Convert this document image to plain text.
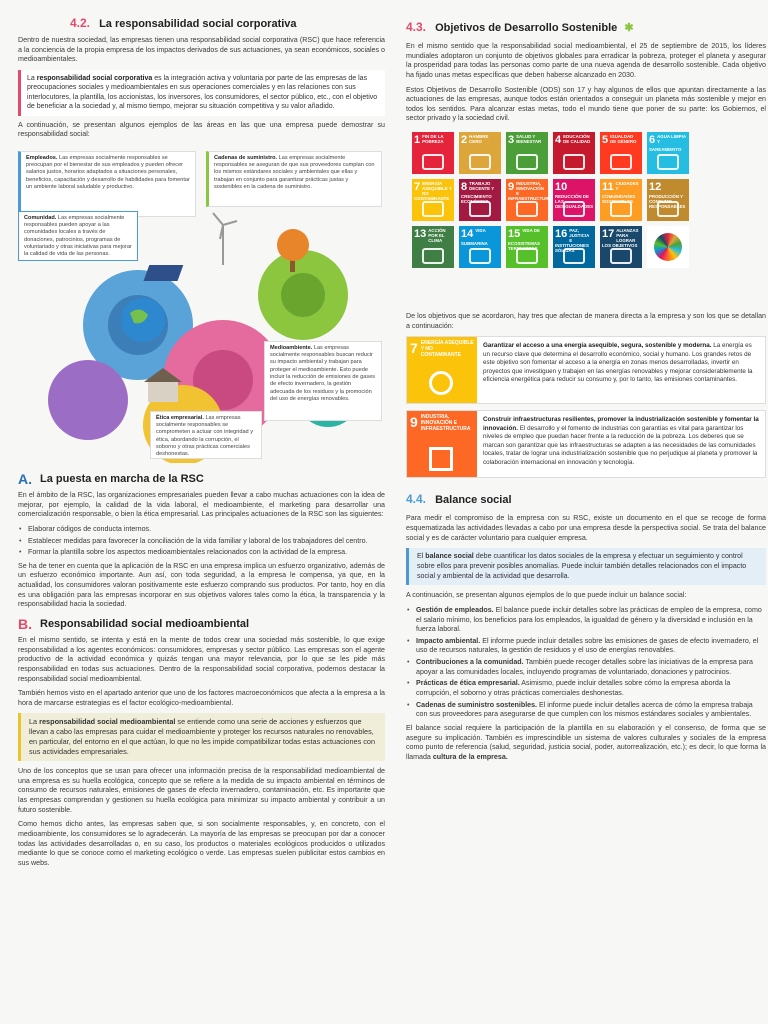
4.2. La responsabilidad social corporativa

Dentro de nuestra sociedad, las empresas tienen una responsabilidad social corporativa (RSC) que hace referencia a la conciencia de la propia empresa de los impactos derivados de sus actuaciones, ya sean económicos, sociales o medioambientales.

La responsabilidad social corporativa es la integración activa y voluntaria por parte de las empresas de las preocupaciones sociales y medioambientales en sus operaciones comerciales y en las relaciones con sus interlocutores, la plantilla, los accionistas, los inversores, los consumidores, el sector público, etc., con el objetivo de beneficiar a la sociedad y, al mismo tiempo, mejorar su situación competitiva y su valor añadido.

A continuación, se presentan algunos ejemplos de las áreas en las que una empresa puede demostrar su responsabilidad social:

Empleados. Las empresas socialmente responsables se preocupan por el bienestar de sus empleados y pueden ofrecer salarios justos, horarios adaptados a situaciones personales, beneficios, capacitación y desarrollo de habilidades para fomentar un ambiente laboral saludable y productivo.
Cadenas de suministro. Las empresas socialmente responsables se aseguran de que sus proveedores cumplan con los mismos estándares sociales y ambientales que ellas y trabajan en conjunto para garantizar prácticas justas y sostenibles en la cadena de suministro.
Comunidad. Las empresas socialmente responsables pueden apoyar a las comunidades locales a través de donaciones, patrocinios, programas de voluntariado y otras iniciativas para mejorar la calidad de vida de las personas.
Medioambiente. Las empresas socialmente responsables buscan reducir su impacto ambiental y trabajan para proteger el medioambiente. Esto puede incluir la reducción de emisiones de gases de efecto invernadero, la gestión adecuada de los residuos y la promoción del uso de energías renovables.
Ética empresarial. Las empresas socialmente responsables se comprometen a actuar con integridad y ética, abordando la corrupción, el soborno y otras prácticas comerciales deshonestas.
A. La puesta en marcha de la RSC

En el ámbito de la RSC, las organizaciones empresariales pueden llevar a cabo muchas actuaciones con la idea de mejorar, por ejemplo, la calidad de la vida laboral, el medioambiente, el marketing para desarrollar una comercialización responsable, o bien la ética empresarial. Las principales actuaciones de la RSC son las siguientes:

• Elaborar códigos de conducta internos.
• Establecer medidas para favorecer la conciliación de la vida familiar y laboral de los trabajadores del centro.
• Formar la plantilla sobre los aspectos medioambientales relacionados con la actividad de la empresa.

Se ha de tener en cuenta que la aplicación de la RSC en una empresa implica un esfuerzo organizativo, además de un esfuerzo económico importante. Aun así, con toda seguridad, a la empresa le compensa, ya que, en la actualidad, los consumidores valoran positivamente este esfuerzo comprando sus productos. Por tanto, hoy en día es una obligación para las empresas incorporar en sus objetivos valores tales como la ética, la transparencia y la responsabilidad hacia la sociedad.

B. Responsabilidad social medioambiental

En el mismo sentido, se intenta y está en la mente de todos crear una sociedad más sostenible, lo que exige responsabilidad a los agentes económicos: consumidores, empresas y sector público. Las empresas son el agente productivo de la actividad económica y quizás tengan una mayor relevancia, por lo que se les pide más responsabilidad en todas sus actuaciones. Dentro de la responsabilidad social corporativa, podemos destacar la responsabilidad social medioambiental.

También hemos visto en el apartado anterior que uno de los factores macroeconómicos que afecta a la empresa a la hora de marcarse estrategias es el factor ecológico-medioambiental.

La responsabilidad social medioambiental se entiende como una serie de acciones y esfuerzos que llevan a cabo las empresas para cuidar el medioambiente y proteger los recursos naturales no renovables, en particular, del entorno en el que actúan, lo que no les impide compatibilizar todas estas actuaciones con sus actividades empresariales.

Uno de los conceptos que se usan para ofrecer una información precisa de la responsabilidad medioambiental de una empresa es su huella ecológica, concepto que se refiere a la medida de su impacto ambiental en términos de consumo de recursos naturales, emisiones de gases de efecto invernadero, contaminación, etc. Es importante que las empresas comprendan y gestionen su huella ecológica para minimizar su impacto ambiental y contribuir a un futuro sostenible.

Como hemos dicho antes, las empresas saben que, si son socialmente responsables, y, en concreto, con el medioambiente, los consumidores se lo agradecerán. La mayoría de las empresas se preocupan por dar a conocer todas las actividades desarrolladas o, en su caso, los productos o materiales ecológicos producidos o utilizados mediante lo que se conoce como el marketing ecológico o verde. Las empresas suelen publicitar estos cambios en sus webs.

4.3. Objetivos de Desarrollo Sostenible ✱

En el mismo sentido que la responsabilidad social medioambiental, el 25 de septiembre de 2015, los líderes mundiales adoptaron un conjunto de objetivos globales para erradicar la pobreza, proteger el planeta y asegurar la prosperidad para todas las personas como parte de una nueva agenda de desarrollo sostenible. Cada objetivo ha fijado unas metas específicas que deben haberse alcanzado en 2030.

Estos Objetivos de Desarrollo Sostenible (ODS) son 17 y hay algunos de ellos que apuntan directamente a las actuaciones de las empresas, aunque todos están orientados a conseguir un planeta más sostenible y mejor en todos los sentidos. Para alcanzar estas metas, todo el mundo tiene que poner de su parte: los Gobiernos, el sector privado y la sociedad civil.

1 FIN DE LA POBREZA	2 HAMBRE CERO	3 SALUD Y BIENESTAR	4 EDUCACIÓN DE CALIDAD	5 IGUALDAD DE GÉNERO	6 AGUA LIMPIA Y SANEAMIENTO
7 ENERGÍA ASEQUIBLE Y NO CONTAMINANTE
8 TRABAJO DECENTE Y CRECIMIENTO ECONÓMICO
9 INDUSTRIA, INNOVACIÓN E INFRAESTRUCTURA
10
REDUCCIÓN DE LAS DESIGUALDADES
11 CIUDADES Y COMUNIDADES SOSTENIBLES
12
PRODUCCIÓN Y CONSUMO RESPONSABLES
13 ACCIÓN POR EL CLIMA
14 VIDA SUBMARINA
15 VIDA DE ECOSISTEMAS TERRESTRES
16 PAZ, JUSTICIA E INSTITUCIONES SÓLIDAS
17 ALIANZAS PARA LOGRAR LOS OBJETIVOS

De los objetivos que se acordaron, hay tres que afectan de manera directa a la empresa y son los que se detallan a continuación:

7 ENERGÍA ASEQUIBLE Y NO CONTAMINANTE
Garantizar el acceso a una energía asequible, segura, sostenible y moderna. La energía es un recurso clave que determina el desarrollo económico, social y humano. Los grandes retos de este objetivo son fomentar el acceso a la energía en zonas menos desarrolladas, invertir en proyectos que investiguen y trabajen en las energías renovables y mejorar considerablemente la eficiencia energética para reducir su consumo y, por lo tanto, las emisiones contaminantes.
9 INDUSTRIA, INNOVACIÓN E INFRAESTRUCTURA
Construir infraestructuras resilientes, promover la industrialización sostenible y fomentar la innovación. El desarrollo y el fomento de industrias con garantías es vital para garantizar los niveles de empleo que puedan hacer frente a la reducción de la pobreza. Los deberes que se marcan son garantizar que las infraestructuras se adapten a las necesidades de las comunidades locales, tratar de lograr una industrialización sostenible que no perjudique al planeta y promover la colaboración internacional en innovación y tecnología.
4.4. Balance social

Para medir el compromiso de la empresa con su RSC, existe un documento en el que se recoge de forma esquematizada las actividades llevadas a cabo por una empresa desde la perspectiva social. Se trata del balance social y es de carácter voluntario para cualquier empresa.

El balance social debe cuantificar los datos sociales de la empresa y efectuar un seguimiento y control sobre ellos para prevenir posibles anomalías. Puede incluir también detalles relacionados con el impacto social y ambiental de la actividad que desarrolla.

A continuación, se presentan algunos ejemplos de lo que puede incluir un balance social:

• Gestión de empleados. El balance puede incluir detalles sobre las prácticas de empleo de la empresa, como el salario mínimo, los beneficios para los empleados, la igualdad de género y la diversidad e inclusión en la fuerza laboral.
• Impacto ambiental. El informe puede incluir detalles sobre las emisiones de gases de efecto invernadero, el uso de recursos naturales, la gestión de residuos y el uso de energías renovables.
• Contribuciones a la comunidad. También puede recoger detalles sobre las iniciativas de la empresa para apoyar a las comunidades locales, incluyendo programas de voluntariado, donaciones y patrocinios.
• Prácticas de ética empresarial. Asimismo, puede incluir detalles sobre cómo la empresa aborda la corrupción, el soborno y otras prácticas comerciales deshonestas.
• Cadenas de suministro sostenibles. El informe puede incluir detalles acerca de cómo la empresa trabaja con sus proveedores para asegurarse de que cumplen con los mismos estándares sociales y ambientales.

El balance social requiere la participación de la plantilla en su elaboración y el consenso, de forma que se asegure su implicación. También es imprescindible un sistema de valores culturales y sociales de la empresa como punto de referencia (salud, seguridad, justicia social, poder, autorrealización, etc.); es decir, lo que forma la llamada cultura de la empresa.
